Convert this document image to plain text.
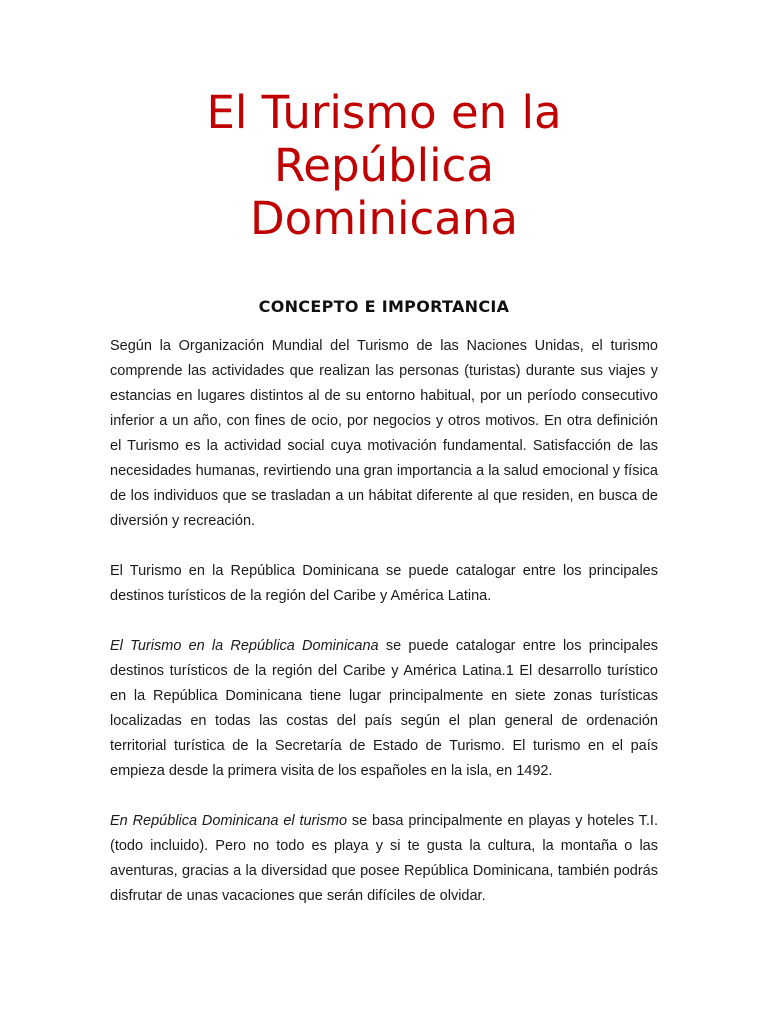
El Turismo en la
República
Dominicana
CONCEPTO E IMPORTANCIA

Según la Organización Mundial del Turismo de las Naciones Unidas, el turismo comprende las actividades que realizan las personas (turistas) durante sus viajes y estancias en lugares distintos al de su entorno habitual, por un período consecutivo inferior a un año, con fines de ocio, por negocios y otros motivos. En otra definición el Turismo es la actividad social cuya motivación fundamental. Satisfacción de las necesidades humanas, revirtiendo una gran importancia a la salud emocional y física de los individuos que se trasladan a un hábitat diferente al que residen, en busca de diversión y recreación.

El Turismo en la República Dominicana se puede catalogar entre los principales destinos turísticos de la región del Caribe y América Latina.

El Turismo en la República Dominicana se puede catalogar entre los principales destinos turísticos de la región del Caribe y América Latina.1 El desarrollo turístico en la República Dominicana tiene lugar principalmente en siete zonas turísticas localizadas en todas las costas del país según el plan general de ordenación territorial turística de la Secretaría de Estado de Turismo. El turismo en el país empieza desde la primera visita de los españoles en la isla, en 1492.

En República Dominicana el turismo se basa principalmente en playas y hoteles T.I. (todo incluido). Pero no todo es playa y si te gusta la cultura, la montaña o las aventuras, gracias a la diversidad que posee República Dominicana, también podrás disfrutar de unas vacaciones que serán difíciles de olvidar.
